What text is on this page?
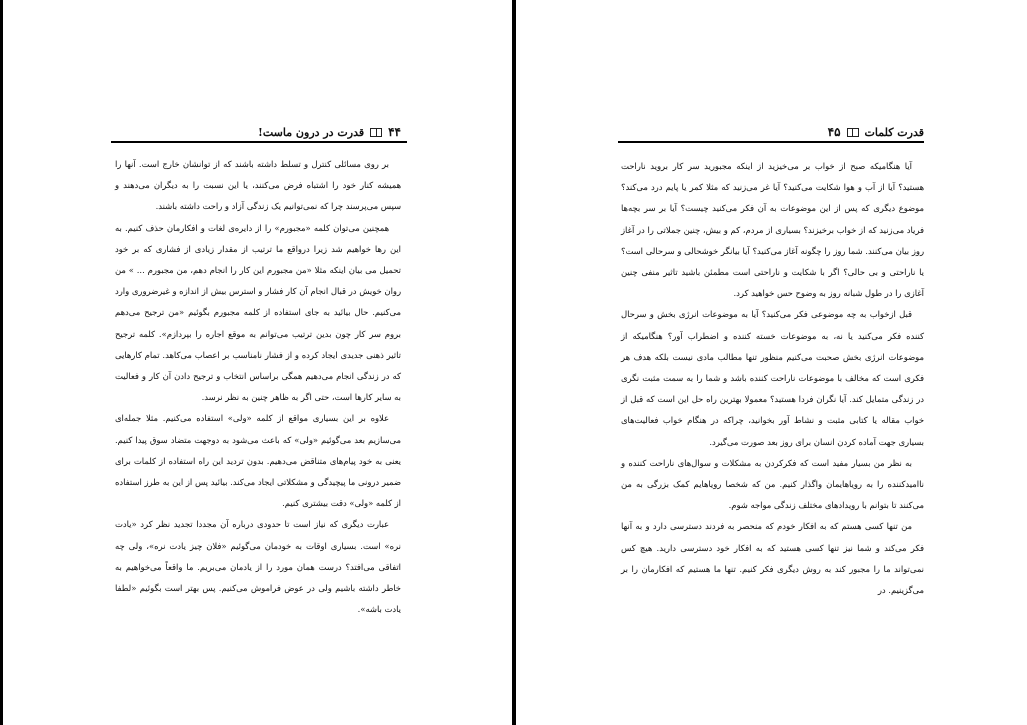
۴۴
قدرت در درون ماست!

بر روی مسائلی کنترل و تسلط داشته باشند که از توانشان خارج است. آنها را همیشه کنار خود را اشتباه فرض می‌کنند، یا این نسبت را به دیگران می‌دهند و سپس می‌پرسند چرا که نمی‌توانیم یک زندگی آزاد و راحت داشته باشند.

همچنین می‌توان کلمه «مجبورم» را از دایره‌ی لغات و افکارمان حذف کنیم. به این رها خواهیم شد زیرا درواقع ما ترتیب از مقدار زیادی از فشاری که بر خود تحمیل می بیان اینکه مثلا «من مجبورم این کار را انجام دهم، من مجبورم ... » من روان خویش در قبال انجام آن کار فشار و استرس بیش از اندازه و غیرضروری وارد می‌کنیم. حال بیائید به جای استفاده از کلمه مجبورم بگوئیم «من ترجیح می‌دهم بروم سر کار چون بدین ترتیب می‌توانم به موقع اجاره را بپردازم». کلمه ترجیح تاثیر ذهنی جدیدی ایجاد کرده و از فشار نامناسب بر اعصاب می‌کاهد. تمام کارهایی که در زندگی انجام می‌دهیم همگی براساس انتخاب و ترجیح دادن آن کار و فعالیت به سایر کارها است، حتی اگر به ظاهر چنین به نظر نرسد.

علاوه بر این بسیاری مواقع از کلمه «ولی» استفاده می‌کنیم. مثلا جمله‌ای می‌سازیم بعد می‌گوئیم «ولی» که باعث می‌شود به دوجهت متضاد سوق پیدا کنیم. یعنی به خود پیام‌های متناقض می‌دهیم. بدون تردید این راه استفاده از کلمات برای ضمیر درونی ما پیچیدگی و مشکلاتی ایجاد می‌کند. بیائید پس از این به طرز استفاده از کلمه «ولی» دقت بیشتری کنیم.

عبارت دیگری که نیاز است تا حدودی درباره آن مجددا تجدید نظر کرد «یادت نره» است. بسیاری اوقات به خودمان می‌گوئیم «فلان چیز یادت نره»، ولی چه اتفاقی می‌افتد؟ درست همان مورد را از یادمان می‌بریم. ما واقعاً می‌خواهیم به خاطر داشته باشیم ولی در عوض فراموش می‌کنیم. پس بهتر است بگوئیم «لطفا یادت باشه».

قدرت کلمات
۴۵

آیا هنگامیکه صبح از خواب بر می‌خیزید از اینکه مجبورید سر کار بروید ناراحت هستید؟ آیا از آب و هوا شکایت می‌کنید؟ آیا غر می‌زنید که مثلا کمر یا پایم درد می‌کند؟ موضوع دیگری که پس از این موضوعات به آن فکر می‌کنید چیست؟ آیا بر سر بچه‌ها فریاد می‌زنید که از خواب برخیزند؟ بسیاری از مردم، کم و بیش، چنین جملاتی را در آغاز روز بیان می‌کنند. شما روز را چگونه آغاز می‌کنید؟ آیا بیانگر خوشحالی و سرحالی است؟ یا ناراحتی و بی حالی؟ اگر با شکایت و ناراحتی است مطمئن باشید تاثیر منفی چنین آغازی را در طول شبانه روز به وضوح حس خواهید کرد.

قبل ازخواب به چه موضوعی فکر می‌کنید؟ آیا به موضوعات انرژی بخش و سرحال کننده فکر می‌کنید یا نه، به موضوعات خسته کننده و اضطراب آور؟ هنگامیکه از موضوعات انرژی بخش صحبت می‌کنیم منظور تنها مطالب مادی نیست بلکه هدف هر فکری است که مخالف با موضوعات ناراحت کننده باشد و شما را به سمت مثبت نگری در زندگی متمایل کند. آیا نگران فردا هستید؟ معمولا بهترین راه حل این است که قبل از خواب مقاله یا کتابی مثبت و نشاط آور بخوانید، چراکه در هنگام خواب فعالیت‌های بسیاری جهت آماده کردن انسان برای روز بعد صورت می‌گیرد.

به نظر من بسیار مفید است که فکرکردن به مشکلات و سوال‌های ناراحت کننده و ناامیدکننده را به رویاهایمان واگذار کنیم. من که شخصا رویاهایم کمک بزرگی به من می‌کنند تا بتوانم با رویدادهای مختلف زندگی مواجه شوم.

من تنها کسی هستم که به افکار خودم که منحصر به فردند دسترسی دارد و به آنها فکر می‌کند و شما نیز تنها کسی هستید که به افکار خود دسترسی دارید. هیچ کس نمی‌تواند ما را مجبور کند به روش دیگری فکر کنیم. تنها ما هستیم که افکارمان را بر می‌گزینیم. در
